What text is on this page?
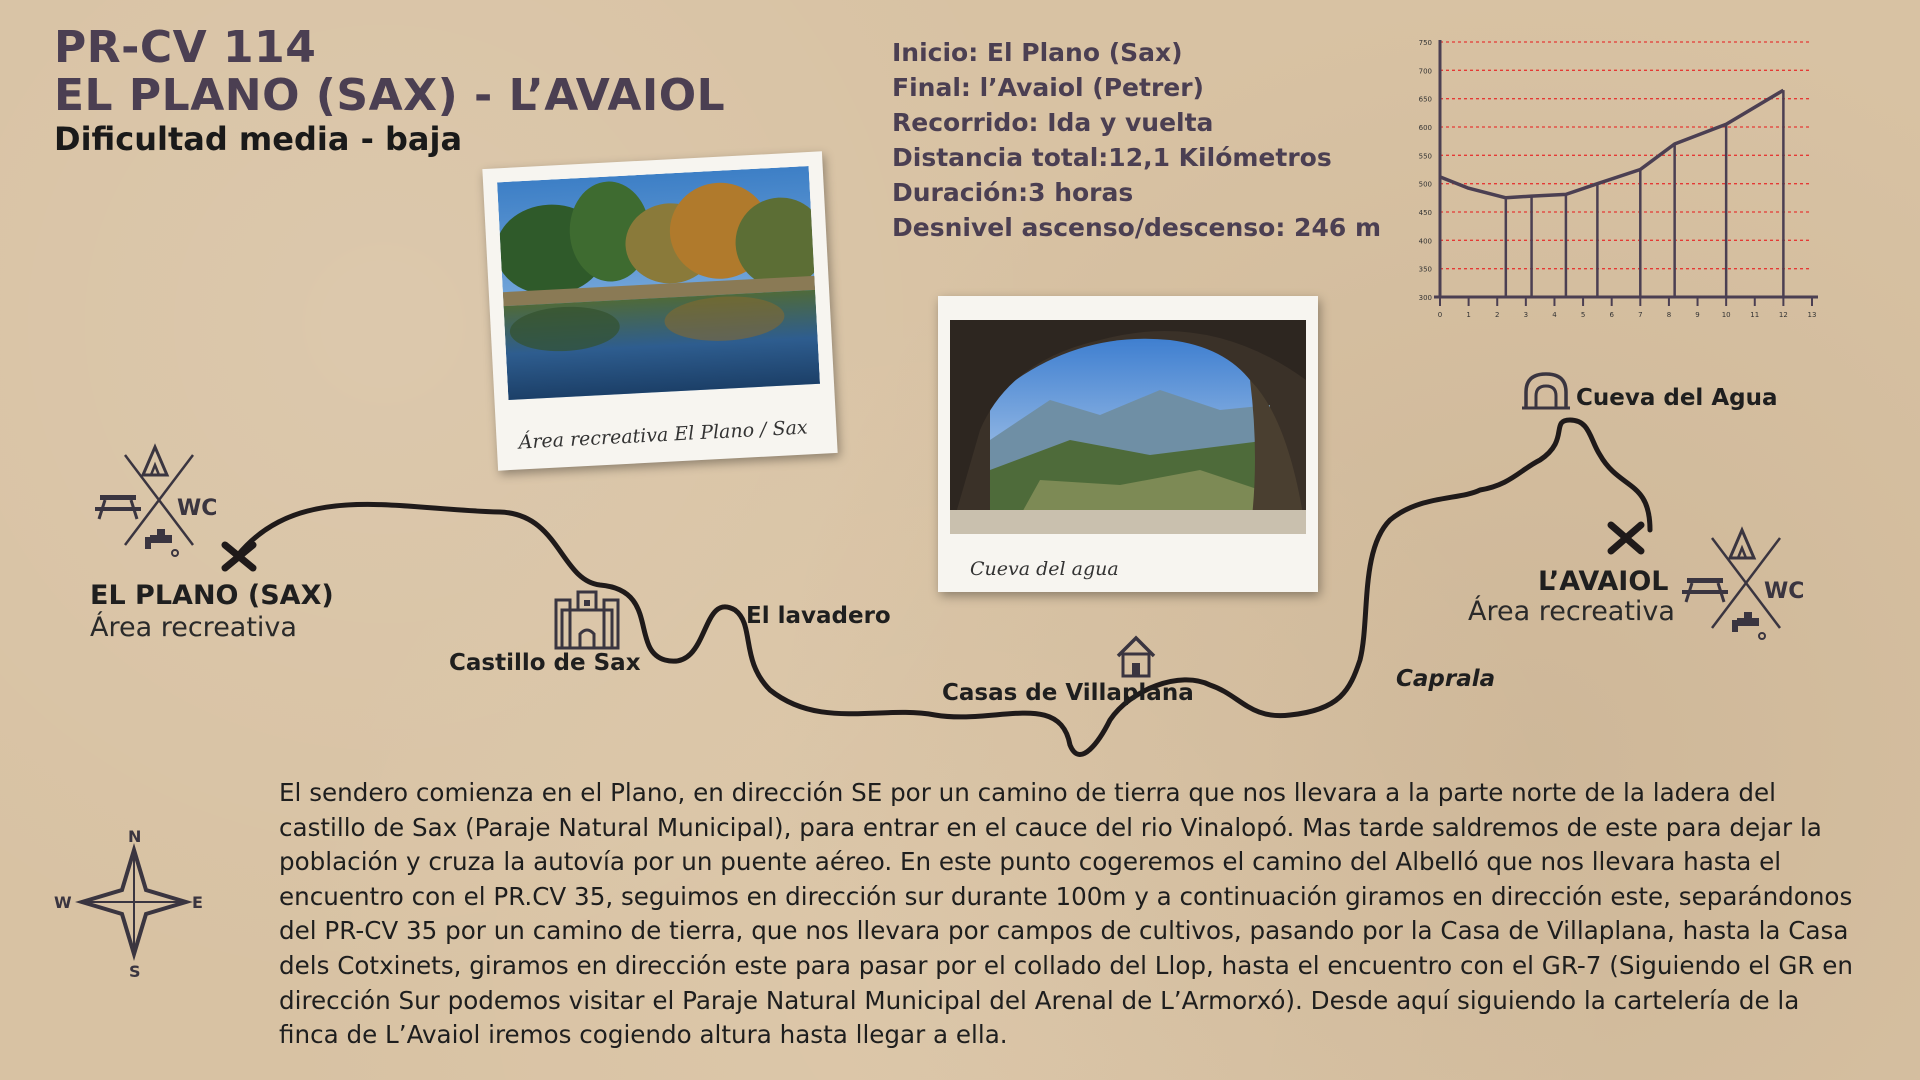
PR-CV 114
EL PLANO (SAX) - L’AVAIOL
Dificultad media - baja
Inicio: El Plano (Sax)
Final: l’Avaiol (Petrer)
Recorrido: Ida y vuelta
Distancia total:12,1 Kilómetros
Duración:3 horas
Desnivel ascenso/descenso: 246 m
300
350
400
450
500
550
600
650
700
750
0	1	2	3	4	5	6	7	8	9	10	11	12	13
Área recreativa El Plano / Sax
Cueva del agua
WC
WC
N
S
E
W
EL PLANO (SAX)
Área recreativa
Castillo de Sax
El lavadero
Casas de Villaplana
Caprala
Cueva del Agua
L’AVAIOL
Área recreativa
El sendero comienza en el Plano, en dirección SE por un camino de tierra que nos llevara a la parte norte de la ladera del castillo de Sax (Paraje Natural Municipal), para entrar en el cauce del rio Vinalopó. Mas tarde saldremos de este para dejar la población y cruza la autovía por un puente aéreo. En este punto cogeremos el camino del Albelló que nos llevara hasta el encuentro con el PR.CV 35, seguimos en dirección sur durante 100m y a continuación giramos en dirección este, separándonos del PR-CV 35 por un camino de tierra, que nos llevara por campos de cultivos, pasando por la Casa de Villaplana, hasta la Casa dels Cotxinets, giramos en dirección este para pasar por el collado del Llop, hasta el encuentro con el GR-7 (Siguiendo el GR en dirección Sur podemos visitar el Paraje Natural Municipal del Arenal de L’Armorxó). Desde aquí siguiendo la cartelería de la finca de L’Avaiol iremos cogiendo altura hasta llegar a ella.
